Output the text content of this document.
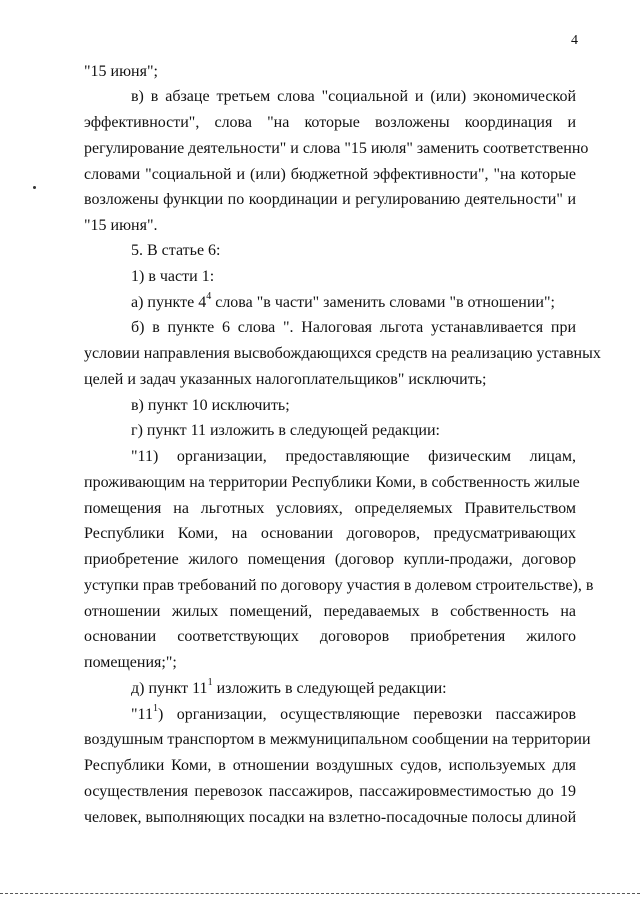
4
"15 июня";
в) в абзаце третьем слова "социальной и (или) экономической
эффективности", слова "на которые возложены координация и
регулирование деятельности" и слова "15 июля" заменить соответственно
словами "социальной и (или) бюджетной эффективности", "на которые
возложены функции по координации и регулированию деятельности" и
"15 июня".
5. В статье 6:
1) в части 1:
а) пункте $4^4$ слова "в части" заменить словами "в отношении";
б) в пункте 6 слова ". Налоговая льгота устанавливается при
условии направления высвобождающихся средств на реализацию уставных
целей и задач указанных налогоплательщиков" исключить;
в) пункт 10 исключить;
г) пункт 11 изложить в следующей редакции:
"11) организации, предоставляющие физическим лицам,
проживающим на территории Республики Коми, в собственность жилые
помещения на льготных условиях, определяемых Правительством
Республики Коми, на основании договоров, предусматривающих
приобретение жилого помещения (договор купли-продажи, договор
уступки прав требований по договору участия в долевом строительстве), в
отношении жилых помещений, передаваемых в собственность на
основании соответствующих договоров приобретения жилого
помещения;";
д) пункт $11^1$ изложить в следующей редакции:
"$11^1$) организации, осуществляющие перевозки пассажиров
воздушным транспортом в межмуниципальном сообщении на территории
Республики Коми, в отношении воздушных судов, используемых для
осуществления перевозок пассажиров, пассажировместимостью до 19
человек, выполняющих посадки на взлетно-посадочные полосы длиной
